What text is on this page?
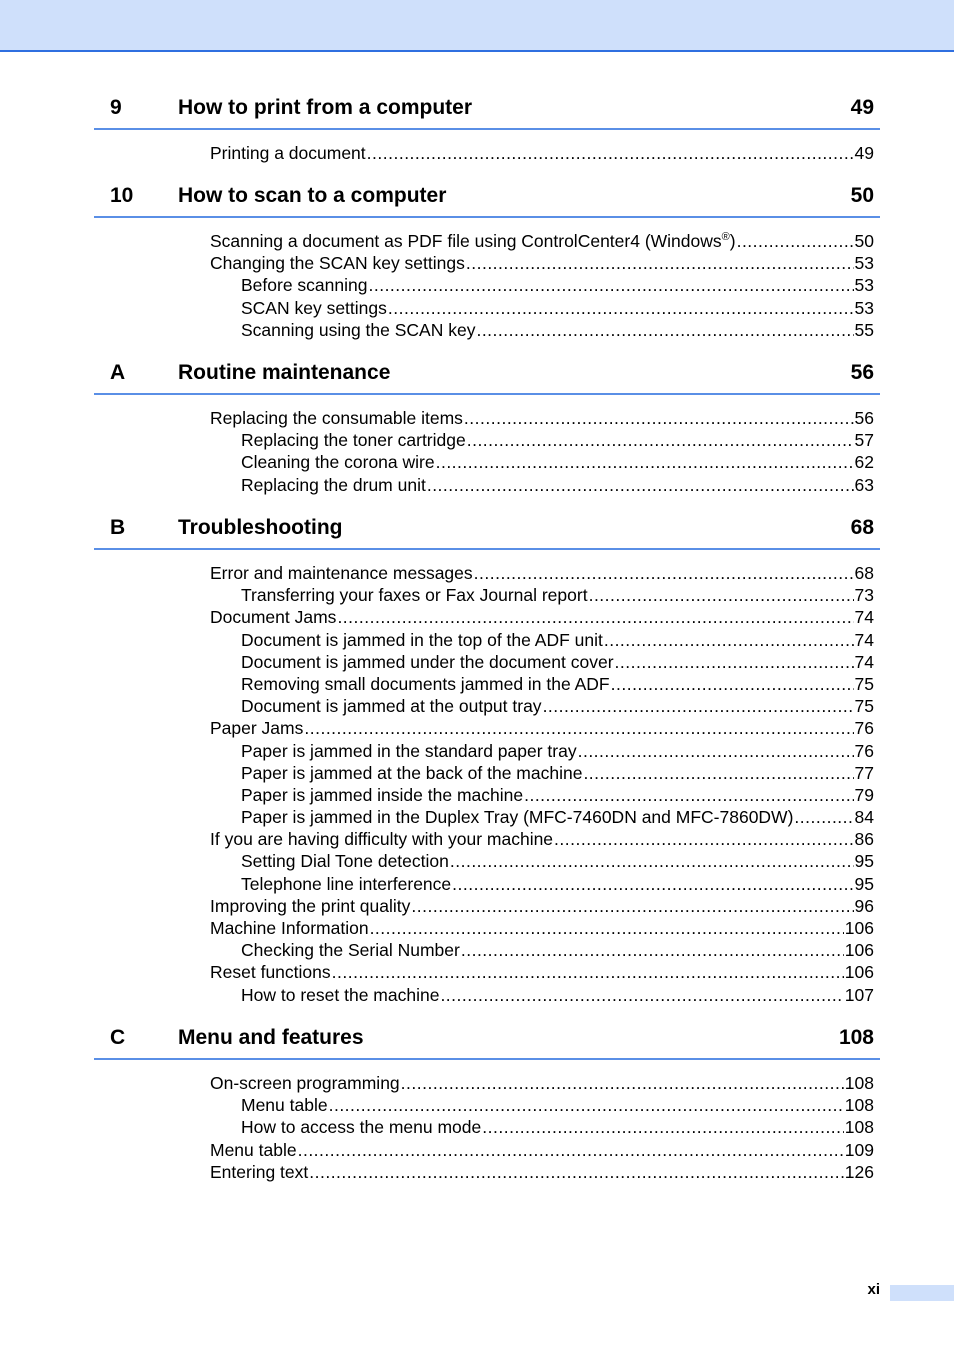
9	How to print from a computer	49
Printing a document .....	49
10 How to scan to a computer	50
Scanning a document as PDF file using ControlCenter4 (Windows®) .....	50
Changing the SCAN key settings .....	53
Before scanning .....	53
SCAN key settings .....	53
Scanning using the SCAN key .....	55
A	Routine maintenance	56
Replacing the consumable items .....	56
Replacing the toner cartridge .....	57
Cleaning the corona wire .....	62
Replacing the drum unit .....	63
B	Troubleshooting	68
Error and maintenance messages .....	68
Transferring your faxes or Fax Journal report .....	73
Document Jams .....	74
Document is jammed in the top of the ADF unit .....	74
Document is jammed under the document cover .....	74
Removing small documents jammed in the ADF .....	75
Document is jammed at the output tray .....	75
Paper Jams .....	76
Paper is jammed in the standard paper tray .....	76
Paper is jammed at the back of the machine .....	77
Paper is jammed inside the machine .....	79
Paper is jammed in the Duplex Tray (MFC-7460DN and MFC-7860DW) .....	84
If you are having difficulty with your machine .....	86
Setting Dial Tone detection .....	95
Telephone line interference .....	95
Improving the print quality .....	96
Machine Information .....	106
Checking the Serial Number .....	106
Reset functions .....	106
How to reset the machine .....	107
C	Menu and features	108
On-screen programming .....	108
Menu table .....	108
How to access the menu mode .....	108
Menu table .....	109
Entering text .....	126
xi
